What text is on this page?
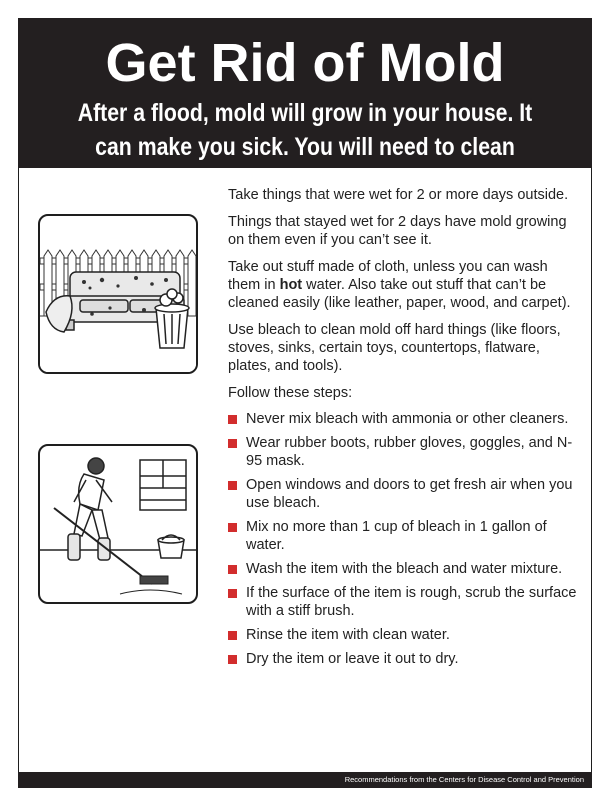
Get Rid of Mold
After a flood, mold will grow in your house. It can make you sick. You will need to clean your house.

Take things that were wet for 2 or more days outside.

Things that stayed wet for 2 days have mold growing on them even if you can’t see it.

Take out stuff made of cloth, unless you can wash them in hot water. Also take out stuff that can’t be cleaned easily (like leather, paper, wood, and carpet).

Use bleach to clean mold off hard things (like floors, stoves, sinks, certain toys, countertops, flatware, plates, and tools).

Follow these steps:

Never mix bleach with ammonia or other cleaners.
Wear rubber boots, rubber gloves, goggles, and N-95 mask.
Open windows and doors to get fresh air when you use bleach.
Mix no more than 1 cup of bleach in 1 gallon of water.
Wash the item with the bleach and water mixture.
If the surface of the item is rough, scrub the surface with a stiff brush.
Rinse the item with clean water.
Dry the item or leave it out to dry.
Recommendations from the Centers for Disease Control and Prevention
